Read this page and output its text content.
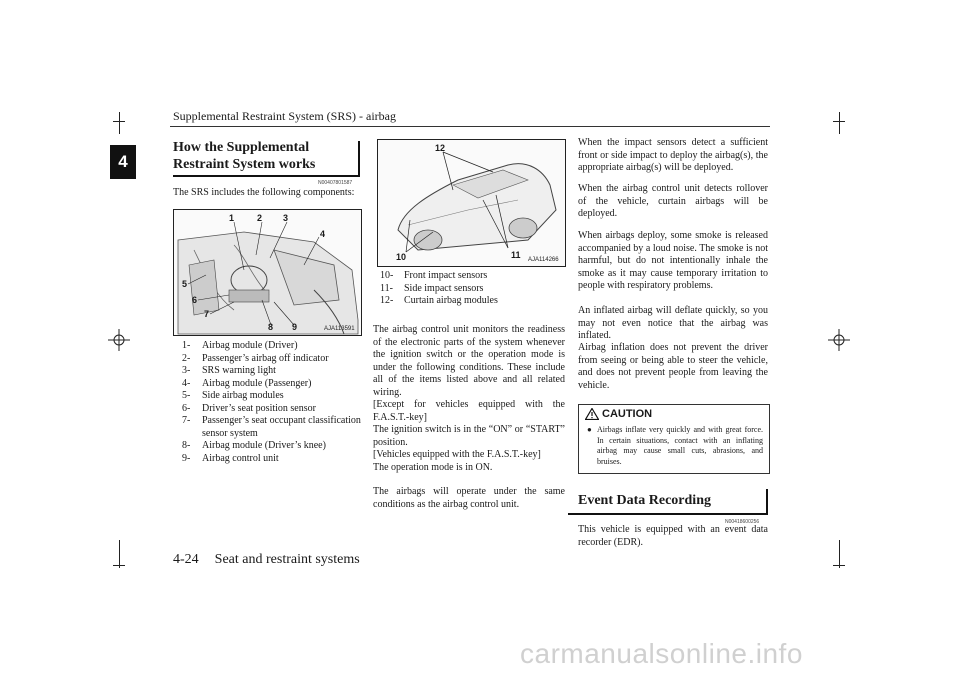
Supplemental Restraint System (SRS) - airbag
4
How the Supplemental Restraint System works
N00407801587
The SRS includes the following components:
1	2 3
4
5
6
7
8 9	AJA113591
1-	Airbag module (Driver)
2-	Passenger’s airbag off indicator
3-	SRS warning light
4-	Airbag module (Passenger)
5-	Side airbag modules
6-	Driver’s seat position sensor
7-	Passenger’s seat occupant classification sensor system
8-	Airbag module (Driver’s knee)
9-	Airbag control unit
12
10	11 AJA114266
10-	Front impact sensors
11-	Side impact sensors
12-	Curtain airbag modules
The airbag control unit monitors the readiness of the electronic parts of the system whenever the ignition switch or the operation mode is under the following conditions. These include all of the items listed above and all related wiring.
[Except for vehicles equipped with the F.A.S.T.-key]
The ignition switch is in the “ON” or “START” position.
[Vehicles equipped with the F.A.S.T.-key]
The operation mode is in ON.
The airbags will operate under the same conditions as the airbag control unit.
When the impact sensors detect a sufficient front or side impact to deploy the airbag(s), the appropriate airbag(s) will be deployed.
When the airbag control unit detects rollover of the vehicle, curtain airbags will be deployed.
When airbags deploy, some smoke is released accompanied by a loud noise. The smoke is not harmful, but do not intentionally inhale the smoke as it may cause temporary irritation to people with respiratory problems.
An inflated airbag will deflate quickly, so you may not even notice that the airbag was inflated.
Airbag inflation does not prevent the driver from seeing or being able to steer the vehicle, and does not prevent people from leaving the vehicle.
CAUTION
● Airbags inflate very quickly and with great force. In certain situations, contact with an inflating airbag may cause small cuts, abrasions, and bruises.
Event Data Recording
N00418600256
This vehicle is equipped with an event data recorder (EDR).
4-24 Seat and restraint systems
carmanualsonline.info
